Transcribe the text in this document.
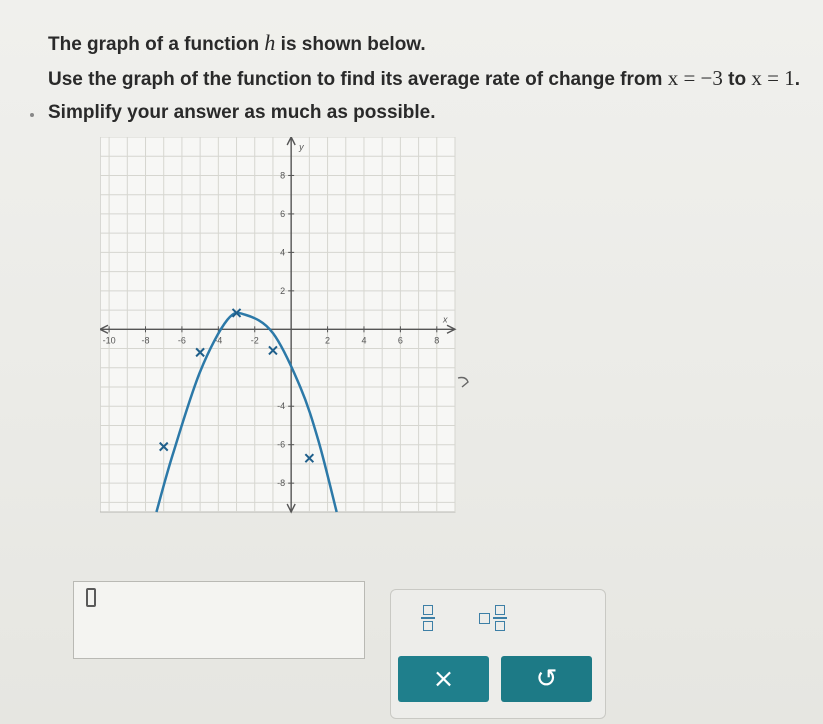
The graph of a function h is shown below.

Use the graph of the function to find its average rate of change from x = −3 to x = 1.

Simplify your answer as much as possible.

-10	-8	-6	-4	-2	2	4	6	8
8
6
4
2
-4
-6
-8
x
y
×	↺
